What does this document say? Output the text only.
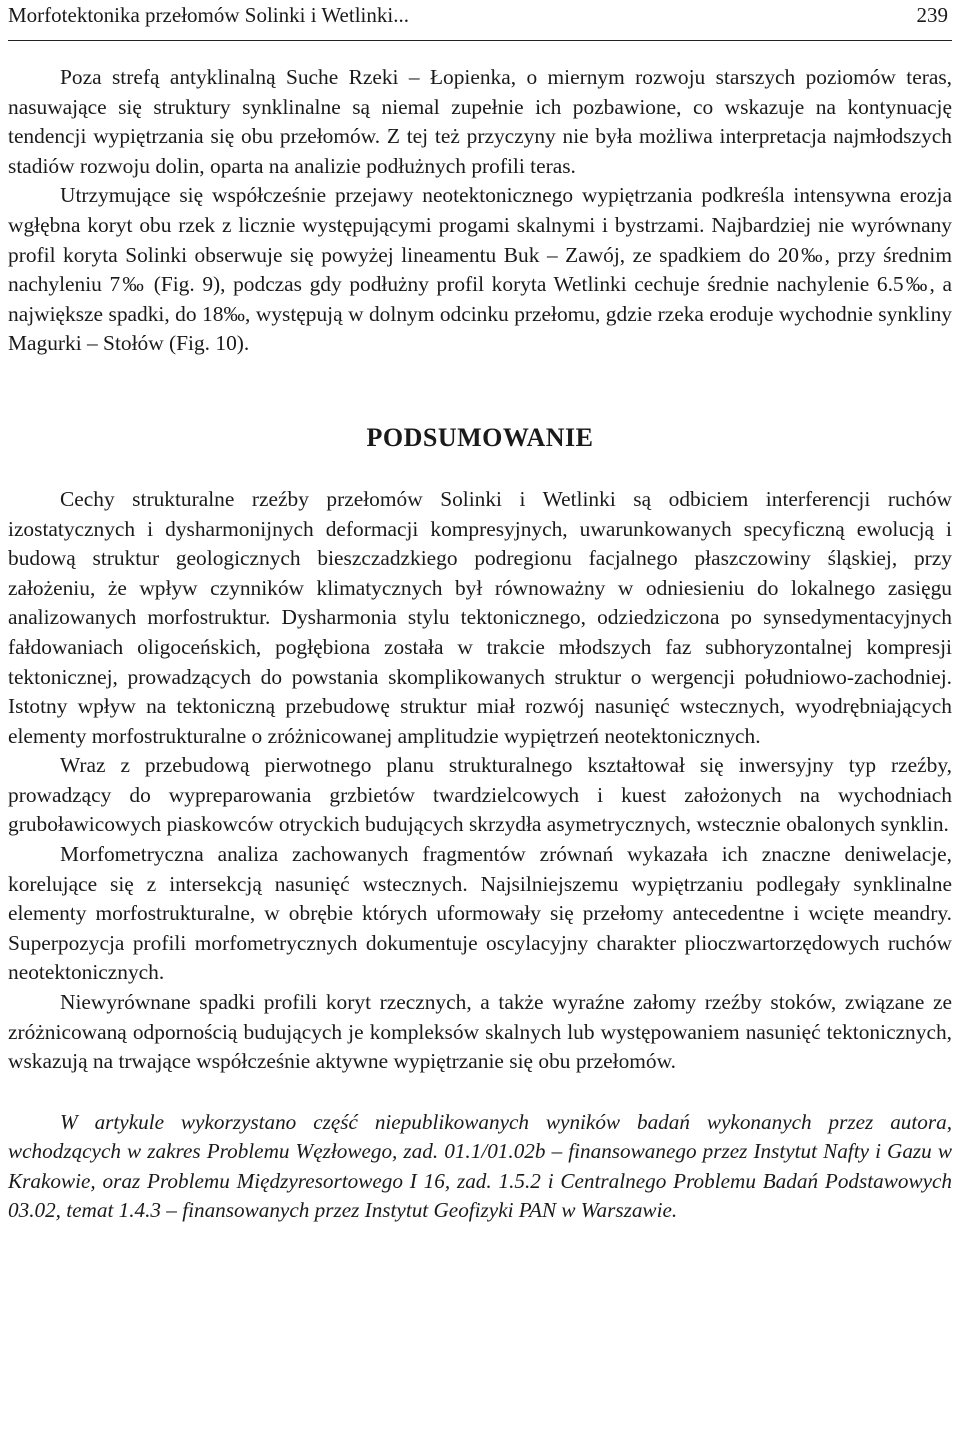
Morfotektonika przełomów Solinki i Wetlinki...	239

Poza strefą antyklinalną Suche Rzeki – Łopienka, o miernym rozwoju starszych poziomów teras, nasuwające się struktury synklinalne są niemal zupełnie ich pozbawione, co wskazuje na kontynuację tendencji wypiętrzania się obu przełomów. Z tej też przyczyny nie była możliwa interpretacja najmłodszych stadiów rozwoju dolin, oparta na analizie podłużnych profili teras.

Utrzymujące się współcześnie przejawy neotektonicznego wypiętrzania podkreśla intensywna erozja wgłębna koryt obu rzek z licznie występującymi progami skalnymi i bystrzami. Najbardziej nie wyrównany profil koryta Solinki obserwuje się powyżej lineamentu Buk – Zawój, ze spadkiem do 20‰, przy średnim nachyleniu 7‰ (Fig. 9), podczas gdy podłużny profil koryta Wetlinki cechuje średnie nachylenie 6.5‰, a największe spadki, do 18‰, występują w dolnym odcinku przełomu, gdzie rzeka eroduje wychodnie synkliny Magurki – Stołów (Fig. 10).

PODSUMOWANIE

Cechy strukturalne rzeźby przełomów Solinki i Wetlinki są odbiciem interferencji ruchów izostatycznych i dysharmonijnych deformacji kompresyjnych, uwarunkowanych specyficzną ewolucją i budową struktur geologicznych bieszczadzkiego podregionu facjalnego płaszczowiny śląskiej, przy założeniu, że wpływ czynników klimatycznych był równoważny w odniesieniu do lokalnego zasięgu analizowanych morfostruktur. Dysharmonia stylu tektonicznego, odziedziczona po synsedymentacyjnych fałdowaniach oligoceńskich, pogłębiona została w trakcie młodszych faz subhoryzontalnej kompresji tektonicznej, prowadzących do powstania skomplikowanych struktur o wergencji południowo-zachodniej. Istotny wpływ na tektoniczną przebudowę struktur miał rozwój nasunięć wstecznych, wyodrębniających elementy morfostrukturalne o zróżnicowanej amplitudzie wypiętrzeń neotektonicznych.

Wraz z przebudową pierwotnego planu strukturalnego kształtował się inwersyjny typ rzeźby, prowadzący do wypreparowania grzbietów twardzielcowych i kuest założonych na wychodniach gruboławicowych piaskowców otryckich budujących skrzydła asymetrycznych, wstecznie obalonych synklin.

Morfometryczna analiza zachowanych fragmentów zrównań wykazała ich znaczne deniwelacje, korelujące się z intersekcją nasunięć wstecznych. Najsilniejszemu wypiętrzaniu podlegały synklinalne elementy morfostrukturalne, w obrębie których uformowały się przełomy antecedentne i wcięte meandry. Superpozycja profili morfometrycznych dokumentuje oscylacyjny charakter plioczwartorzędowych ruchów neotektonicznych.

Niewyrównane spadki profili koryt rzecznych, a także wyraźne załomy rzeźby stoków, związane ze zróżnicowaną odpornością budujących je kompleksów skalnych lub występowaniem nasunięć tektonicznych, wskazują na trwające współcześnie aktywne wypiętrzanie się obu przełomów.

W artykule wykorzystano część niepublikowanych wyników badań wykonanych przez autora, wchodzących w zakres Problemu Węzłowego, zad. 01.1/01.02b – finansowanego przez Instytut Nafty i Gazu w Krakowie, oraz Problemu Międzyresortowego I 16, zad. 1.5.2 i Centralnego Problemu Badań Podstawowych 03.02, temat 1.4.3 – finansowanych przez Instytut Geofizyki PAN w Warszawie.
